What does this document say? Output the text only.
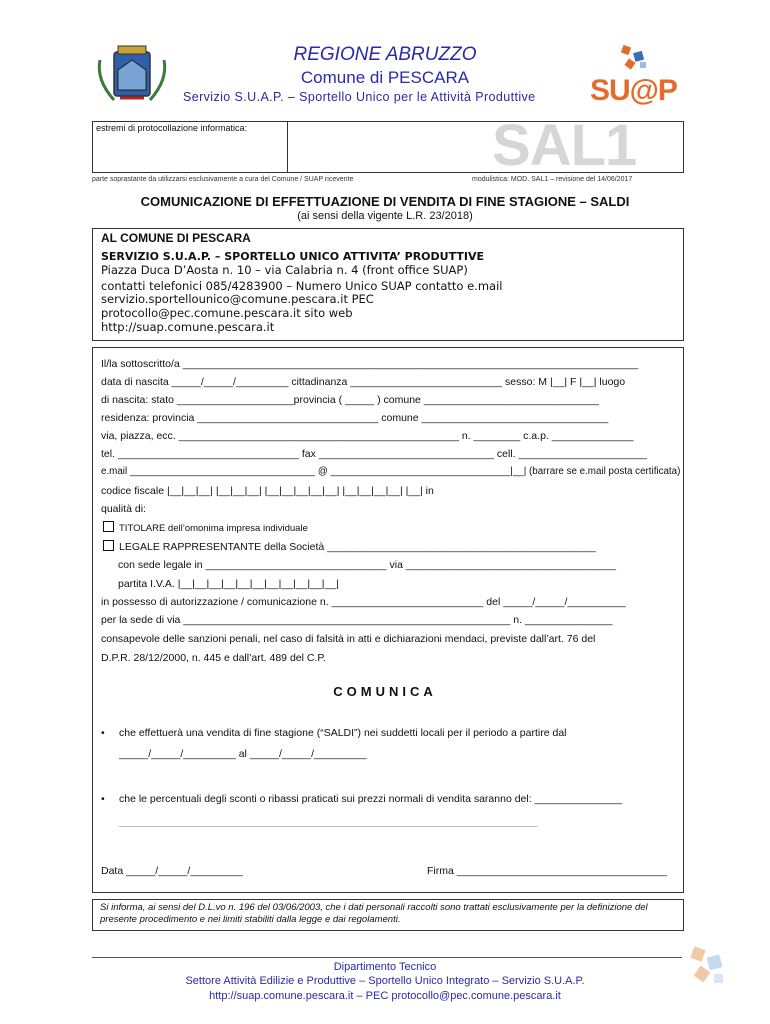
REGIONE ABRUZZO
Comune di PESCARA
Servizio S.U.A.P. – Sportello Unico per le Attività Produttive SU@P
estremi di protocollazione informatica:	SAL1
parte soprastante da utilizzarsi esclusivamente a cura del Comune / SUAP ricevente	modulistica: MOD. SAL1 – revisione del 14/06/2017
COMUNICAZIONE DI EFFETTUAZIONE DI VENDITA DI FINE STAGIONE – SALDI
(ai sensi della vigente L.R. 23/2018)
AL COMUNE DI PESCARA
SERVIZIO S.U.A.P. – SPORTELLO UNICO ATTIVITA’ PRODUTTIVE
Piazza Duca D’Aosta n. 10 – via Calabria n. 4 (front office SUAP)
contatti telefonici 085/4283900 – Numero Unico SUAP contatto e.mail
servizio.sportellounico@comune.pescara.it PEC
protocollo@pec.comune.pescara.it sito web
http://suap.comune.pescara.it
Il/la sottoscritto/a ______________________________________________________________________________
data di nascita _____/_____/_________ cittadinanza __________________________ sesso: M |__| F |__| luogo
di nascita: stato ____________________provincia ( _____ ) comune ______________________________
residenza: provincia _______________________________ comune ________________________________
via, piazza, ecc. ________________________________________________ n. ________ c.a.p. ______________
tel. _______________________________ fax ______________________________ cell. ______________________
e.mail __________________________________ @ _________________________________|__| (barrare se e.mail posta certificata)
codice fiscale |__|__|__| |__|__|__| |__|__|__|__|__| |__|__|__|__| |__| in
qualità di:
TITOLARE dell’omonima impresa individuale
LEGALE RAPPRESENTANTE della Società ______________________________________________
con sede legale in _______________________________ via ____________________________________
partita I.V.A. |__|__|__|__|__|__|__|__|__|__|__|
in possesso di autorizzazione / comunicazione n. __________________________ del _____/_____/__________
per la sede di via ________________________________________________________ n. _______________
consapevole delle sanzioni penali, nel caso di falsità in atti e dichiarazioni mendaci, previste dall’art. 76 del
D.P.R. 28/12/2000, n. 445 e dall’art. 489 del C.P.
COMUNICA
• che effettuerà una vendita di fine stagione (“SALDI”) nei suddetti locali per il periodo a partire dal
_____/_____/_________ al _____/_____/_________
• che le percentuali degli sconti o ribassi praticati sui prezzi normali di vendita saranno del: _______________
______________________________________________________________________________________________
Data _____/_____/_________	Firma ____________________________________
Si informa, ai sensi del D.L.vo n. 196 del 03/06/2003, che i dati personali raccolti sono trattati esclusivamente per la definizione del presente procedimento e nei limiti stabiliti dalla legge e dai regolamenti.
Dipartimento Tecnico
Settore Attività Edilizie e Produttive – Sportello Unico Integrato – Servizio S.U.A.P.
http://suap.comune.pescara.it – PEC protocollo@pec.comune.pescara.it
